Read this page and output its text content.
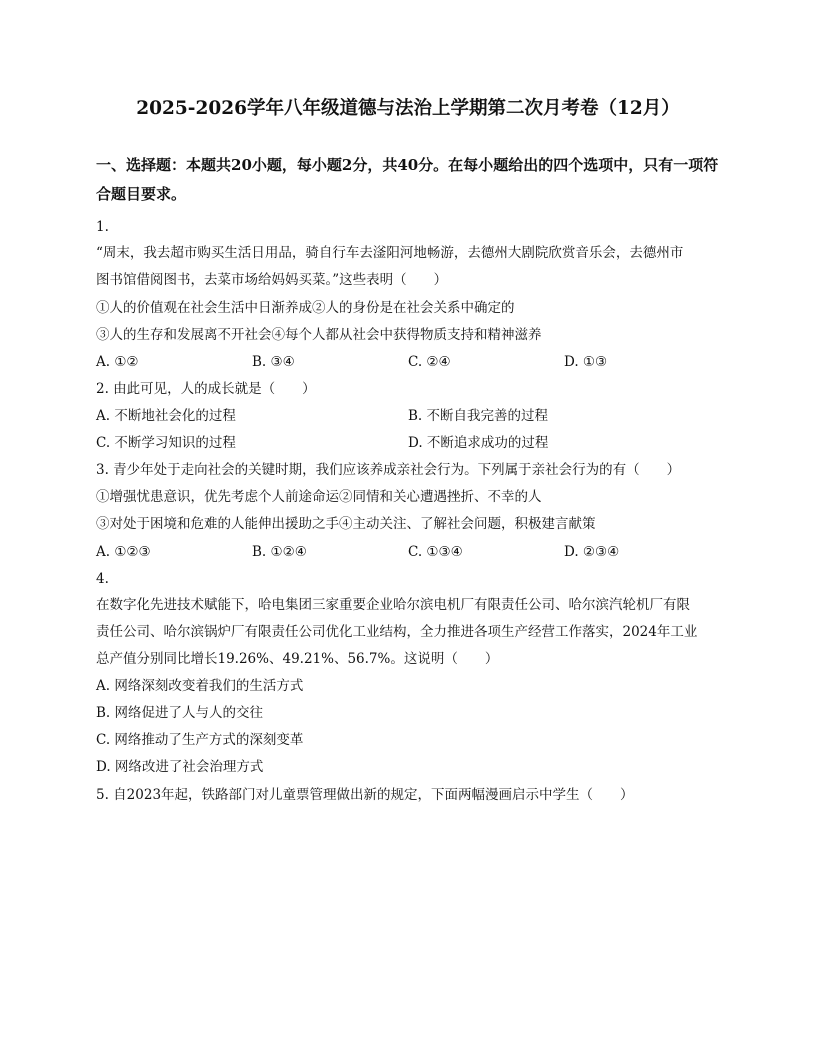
2025-2026学年八年级道德与法治上学期第二次月考卷（12月）
一、选择题：本题共20小题，每小题2分，共40分。在每小题给出的四个选项中，只有一项符合题目要求。
1.
“周末，我去超市购买生活日用品，骑自行车去滏阳河地畅游，去德州大剧院欣赏音乐会，去德州市
图书馆借阅图书，去菜市场给妈妈买菜。”这些表明（　　）
①人的价值观在社会生活中日渐养成②人的身份是在社会关系中确定的
③人的生存和发展离不开社会④每个人都从社会中获得物质支持和精神滋养
A. ①②	B. ③④	C. ②④	D. ①③
2. 由此可见，人的成长就是（　　）
A. 不断地社会化的过程	B. 不断自我完善的过程
C. 不断学习知识的过程	D. 不断追求成功的过程
3. 青少年处于走向社会的关键时期，我们应该养成亲社会行为。下列属于亲社会行为的有（　　）
①增强忧患意识，优先考虑个人前途命运②同情和关心遭遇挫折、不幸的人
③对处于困境和危难的人能伸出援助之手④主动关注、了解社会问题，积极建言献策
A. ①②③	B. ①②④	C. ①③④	D. ②③④
4.
在数字化先进技术赋能下，哈电集团三家重要企业哈尔滨电机厂有限责任公司、哈尔滨汽轮机厂有限
责任公司、哈尔滨锅炉厂有限责任公司优化工业结构，全力推进各项生产经营工作落实，2024年工业
总产值分别同比增长19.26%、49.21%、56.7%。这说明（　　）
A. 网络深刻改变着我们的生活方式
B. 网络促进了人与人的交往
C. 网络推动了生产方式的深刻变革
D. 网络改进了社会治理方式
5. 自2023年起，铁路部门对儿童票管理做出新的规定，下面两幅漫画启示中学生（　　）
